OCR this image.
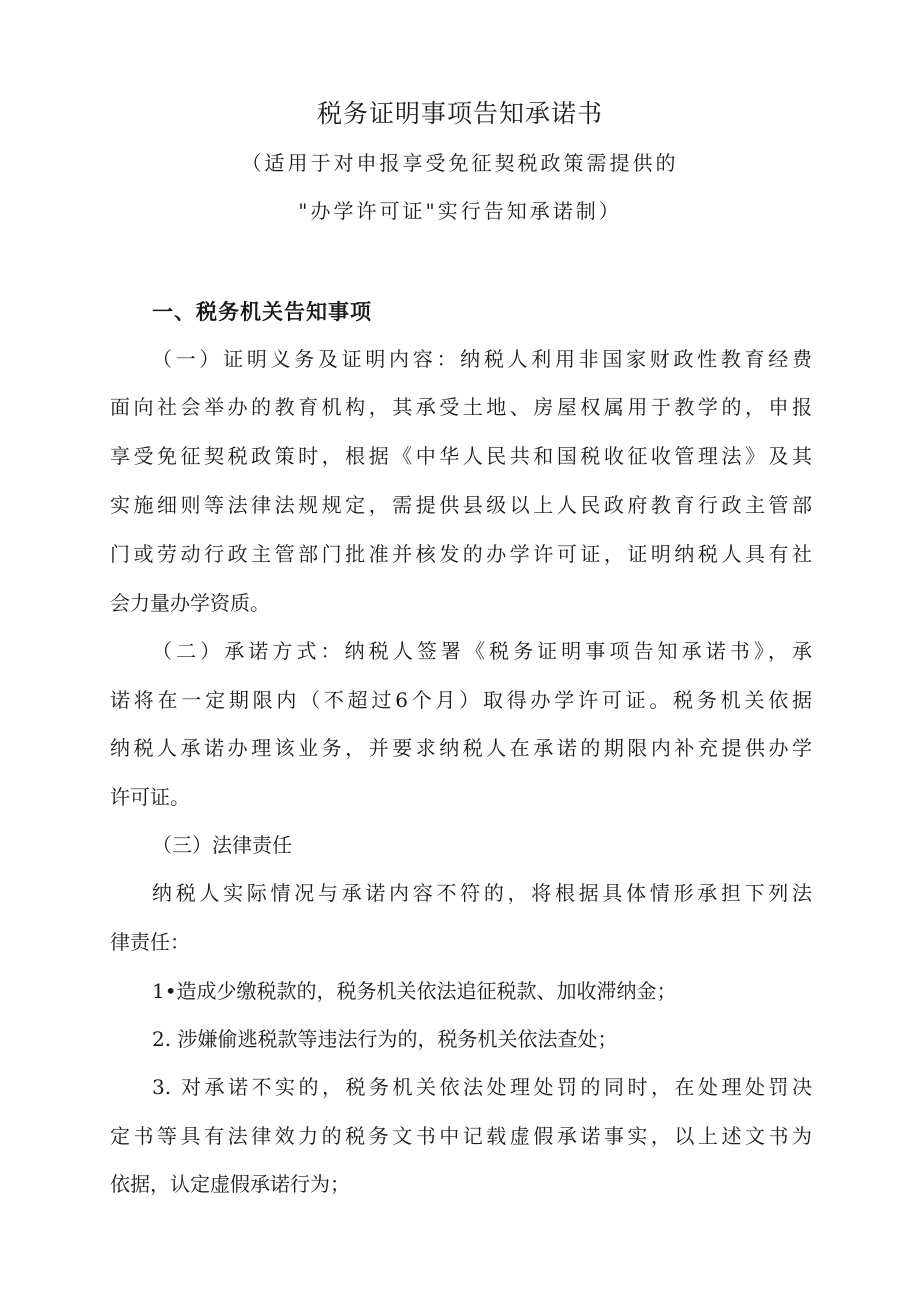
税务证明事项告知承诺书
（适用于对申报享受免征契税政策需提供的
"办学许可证"实行告知承诺制）
一、税务机关告知事项
（一）证明义务及证明内容：纳税人利用非国家财政性教育经费
面向社会举办的教育机构，其承受土地、房屋权属用于教学的，申报
享受免征契税政策时，根据《中华人民共和国税收征收管理法》及其
实施细则等法律法规规定，需提供县级以上人民政府教育行政主管部
门或劳动行政主管部门批准并核发的办学许可证，证明纳税人具有社
会力量办学资质。
（二）承诺方式：纳税人签署《税务证明事项告知承诺书》，承
诺将在一定期限内（不超过6个月）取得办学许可证。税务机关依据
纳税人承诺办理该业务，并要求纳税人在承诺的期限内补充提供办学
许可证。
（三）法律责任
纳税人实际情况与承诺内容不符的，将根据具体情形承担下列法
律责任：
1•造成少缴税款的，税务机关依法追征税款、加收滞纳金；
2. 涉嫌偷逃税款等违法行为的，税务机关依法查处；
3. 对承诺不实的，税务机关依法处理处罚的同时，在处理处罚决
定书等具有法律效力的税务文书中记载虚假承诺事实，以上述文书为
依据，认定虚假承诺行为；
